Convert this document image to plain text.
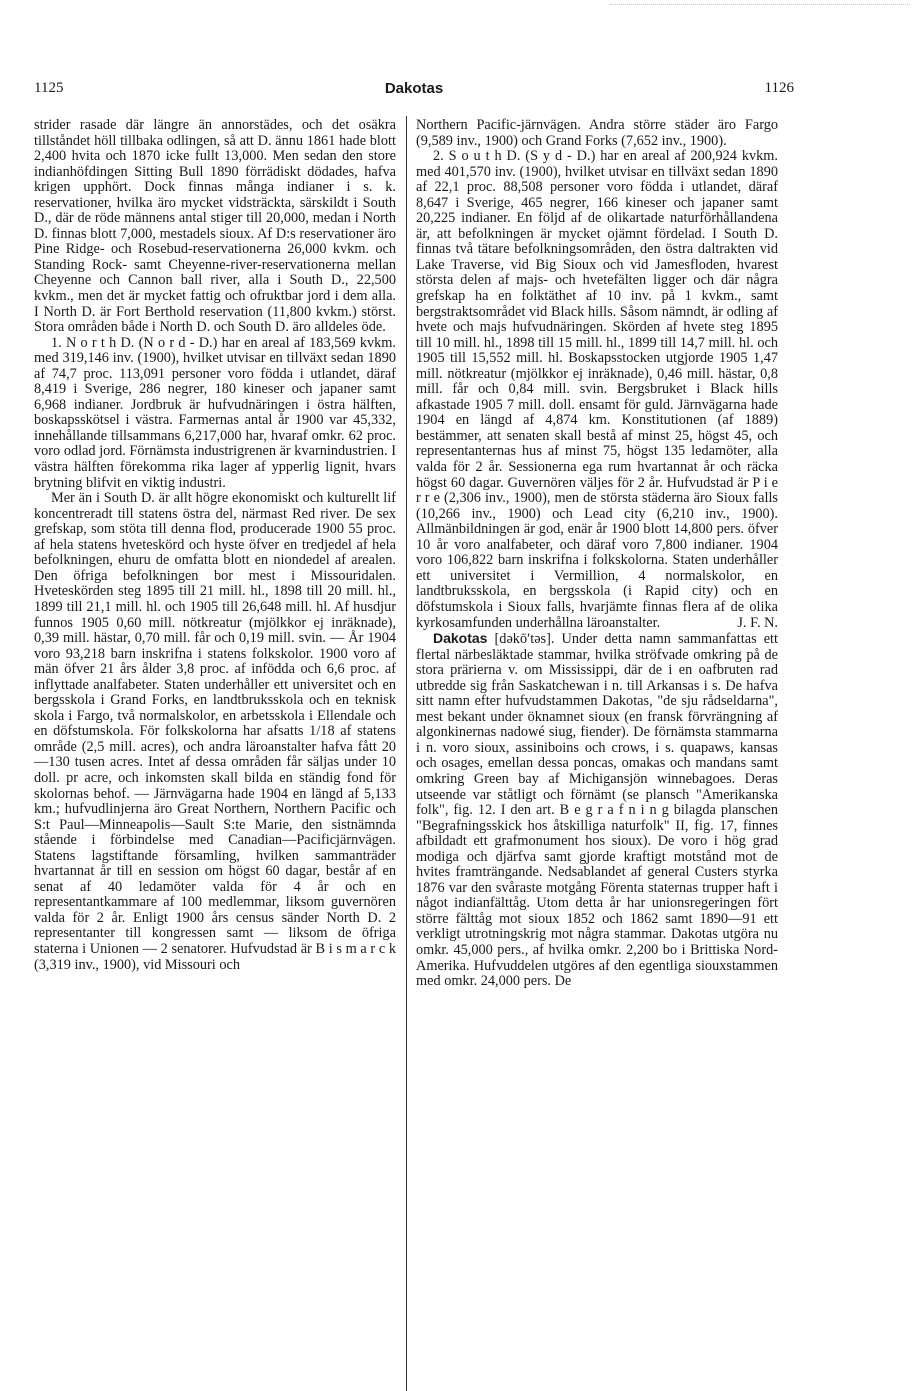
1125	Dakotas	1126

strider rasade där längre än annorstädes, och det osäkra tillståndet höll tillbaka odlingen, så att D. ännu 1861 hade blott 2,400 hvita och 1870 icke fullt 13,000. Men sedan den store indianhöfdingen Sitting Bull 1890 förrädiskt dödades, hafva krigen upphört. Dock finnas många indianer i s. k. reservationer, hvilka äro mycket vidsträckta, särskildt i South D., där de röde männens antal stiger till 20,000, medan i North D. finnas blott 7,000, mestadels sioux. Af D:s reservationer äro Pine Ridge- och Rosebud-reservationerna 26,000 kvkm. och Standing Rock- samt Cheyenne-river-reservationerna mellan Cheyenne och Cannon ball river, alla i South D., 22,500 kvkm., men det är mycket fattig och ofruktbar jord i dem alla. I North D. är Fort Berthold reservation (11,800 kvkm.) störst. Stora områden både i North D. och South D. äro alldeles öde.

1. N o r t h D. (N o r d - D.) har en areal af 183,569 kvkm. med 319,146 inv. (1900), hvilket utvisar en tillväxt sedan 1890 af 74,7 proc. 113,091 personer voro födda i utlandet, däraf 8,419 i Sverige, 286 negrer, 180 kineser och japaner samt 6,968 indianer. Jordbruk är hufvudnäringen i östra hälften, boskapsskötsel i västra. Farmernas antal år 1900 var 45,332, innehållande tillsammans 6,217,000 har, hvaraf omkr. 62 proc. voro odlad jord. Förnämsta industrigrenen är kvarnindustrien. I västra hälften förekomma rika lager af ypperlig lignit, hvars brytning blifvit en viktig industri.

Mer än i South D. är allt högre ekonomiskt och kulturellt lif koncentreradt till statens östra del, närmast Red river. De sex grefskap, som stöta till denna flod, producerade 1900 55 proc. af hela statens hveteskörd och hyste öfver en tredjedel af hela befolkningen, ehuru de omfatta blott en niondedel af arealen. Den öfriga befolkningen bor mest i Missouridalen. Hveteskörden steg 1895 till 21 mill. hl., 1898 till 20 mill. hl., 1899 till 21,1 mill. hl. och 1905 till 26,648 mill. hl. Af husdjur funnos 1905 0,60 mill. nötkreatur (mjölkkor ej inräknade), 0,39 mill. hästar, 0,70 mill. får och 0,19 mill. svin. — År 1904 voro 93,218 barn inskrifna i statens folkskolor. 1900 voro af män öfver 21 års ålder 3,8 proc. af infödda och 6,6 proc. af inflyttade analfabeter. Staten underhåller ett universitet och en bergsskola i Grand Forks, en landtbruksskola och en teknisk skola i Fargo, två normalskolor, en arbetsskola i Ellendale och en döfstumskola. För folkskolorna har afsatts 1/18 af statens område (2,5 mill. acres), och andra läroanstalter hafva fått 20—130 tusen acres. Intet af dessa områden får säljas under 10 doll. pr acre, och inkomsten skall bilda en ständig fond för skolornas behof. — Järnvägarna hade 1904 en längd af 5,133 km.; hufvudlinjerna äro Great Northern, Northern Pacific och S:t Paul—Minneapolis—Sault S:te Marie, den sistnämnda stående i förbindelse med Canadian—Pacificjärnvägen. Statens lagstiftande församling, hvilken sammanträder hvartannat år till en session om högst 60 dagar, består af en senat af 40 ledamöter valda för 4 år och en representantkammare af 100 medlemmar, liksom guvernören valda för 2 år. Enligt 1900 års census sänder North D. 2 representanter till kongressen samt — liksom de öfriga staterna i Unionen — 2 senatorer. Hufvudstad är B i s m a r c k (3,319 inv., 1900), vid Missouri och

Northern Pacific-järnvägen. Andra större städer äro Fargo (9,589 inv., 1900) och Grand Forks (7,652 inv., 1900).

2. S o u t h D. (S y d - D.) har en areal af 200,924 kvkm. med 401,570 inv. (1900), hvilket utvisar en tillväxt sedan 1890 af 22,1 proc. 88,508 personer voro födda i utlandet, däraf 8,647 i Sverige, 465 negrer, 166 kineser och japaner samt 20,225 indianer. En följd af de olikartade naturförhållandena är, att befolkningen är mycket ojämnt fördelad. I South D. finnas två tätare befolkningsområden, den östra daltrakten vid Lake Traverse, vid Big Sioux och vid Jamesfloden, hvarest största delen af majs- och hvetefälten ligger och där några grefskap ha en folktäthet af 10 inv. på 1 kvkm., samt bergstraktsområdet vid Black hills. Såsom nämndt, är odling af hvete och majs hufvudnäringen. Skörden af hvete steg 1895 till 10 mill. hl., 1898 till 15 mill. hl., 1899 till 14,7 mill. hl. och 1905 till 15,552 mill. hl. Boskapsstocken utgjorde 1905 1,47 mill. nötkreatur (mjölkkor ej inräknade), 0,46 mill. hästar, 0,8 mill. får och 0,84 mill. svin. Bergsbruket i Black hills afkastade 1905 7 mill. doll. ensamt för guld. Järnvägarna hade 1904 en längd af 4,874 km. Konstitutionen (af 1889) bestämmer, att senaten skall bestå af minst 25, högst 45, och representanternas hus af minst 75, högst 135 ledamöter, alla valda för 2 år. Sessionerna ega rum hvartannat år och räcka högst 60 dagar. Guvernören väljes för 2 år. Hufvudstad är P i e r r e (2,306 inv., 1900), men de största städerna äro Sioux falls (10,266 inv., 1900) och Lead city (6,210 inv., 1900). Allmänbildningen är god, enär år 1900 blott 14,800 pers. öfver 10 år voro analfabeter, och däraf voro 7,800 indianer. 1904 voro 106,822 barn inskrifna i folkskolorna. Staten underhåller ett universitet i Vermillion, 4 normalskolor, en landtbruksskola, en bergsskola (i Rapid city) och en döfstumskola i Sioux falls, hvarjämte finnas flera af de olika kyrkosamfunden underhållna läroanstalter.	J. F. N.

Dakotas [dəkō′təs]. Under detta namn sammanfattas ett flertal närbesläktade stammar, hvilka ströfvade omkring på de stora prärierna v. om Mississippi, där de i en oafbruten rad utbredde sig från Saskatchewan i n. till Arkansas i s. De hafva sitt namn efter hufvudstammen Dakotas, "de sju rådseldarna", mest bekant under öknamnet sioux (en fransk förvrängning af algonkinernas nadowé siug, fiender). De förnämsta stammarna i n. voro sioux, assiniboins och crows, i s. quapaws, kansas och osages, emellan dessa poncas, omakas och mandans samt omkring Green bay af Michigansjön winnebagoes. Deras utseende var ståtligt och förnämt (se plansch "Amerikanska folk", fig. 12. I den art. B e g r a f n i n g bilagda planschen "Begrafningsskick hos åtskilliga naturfolk" II, fig. 17, finnes afbildadt ett grafmonument hos sioux). De voro i hög grad modiga och djärfva samt gjorde kraftigt motstånd mot de hvites framträngande. Nedsablandet af general Custers styrka 1876 var den svåraste motgång Förenta staternas trupper haft i något indianfälttåg. Utom detta år har unionsregeringen fört större fälttåg mot sioux 1852 och 1862 samt 1890—91 ett verkligt utrotningskrig mot några stammar. Dakotas utgöra nu omkr. 45,000 pers., af hvilka omkr. 2,200 bo i Brittiska Nord-Amerika. Hufvuddelen utgöres af den egentliga siouxstammen med omkr. 24,000 pers. De
